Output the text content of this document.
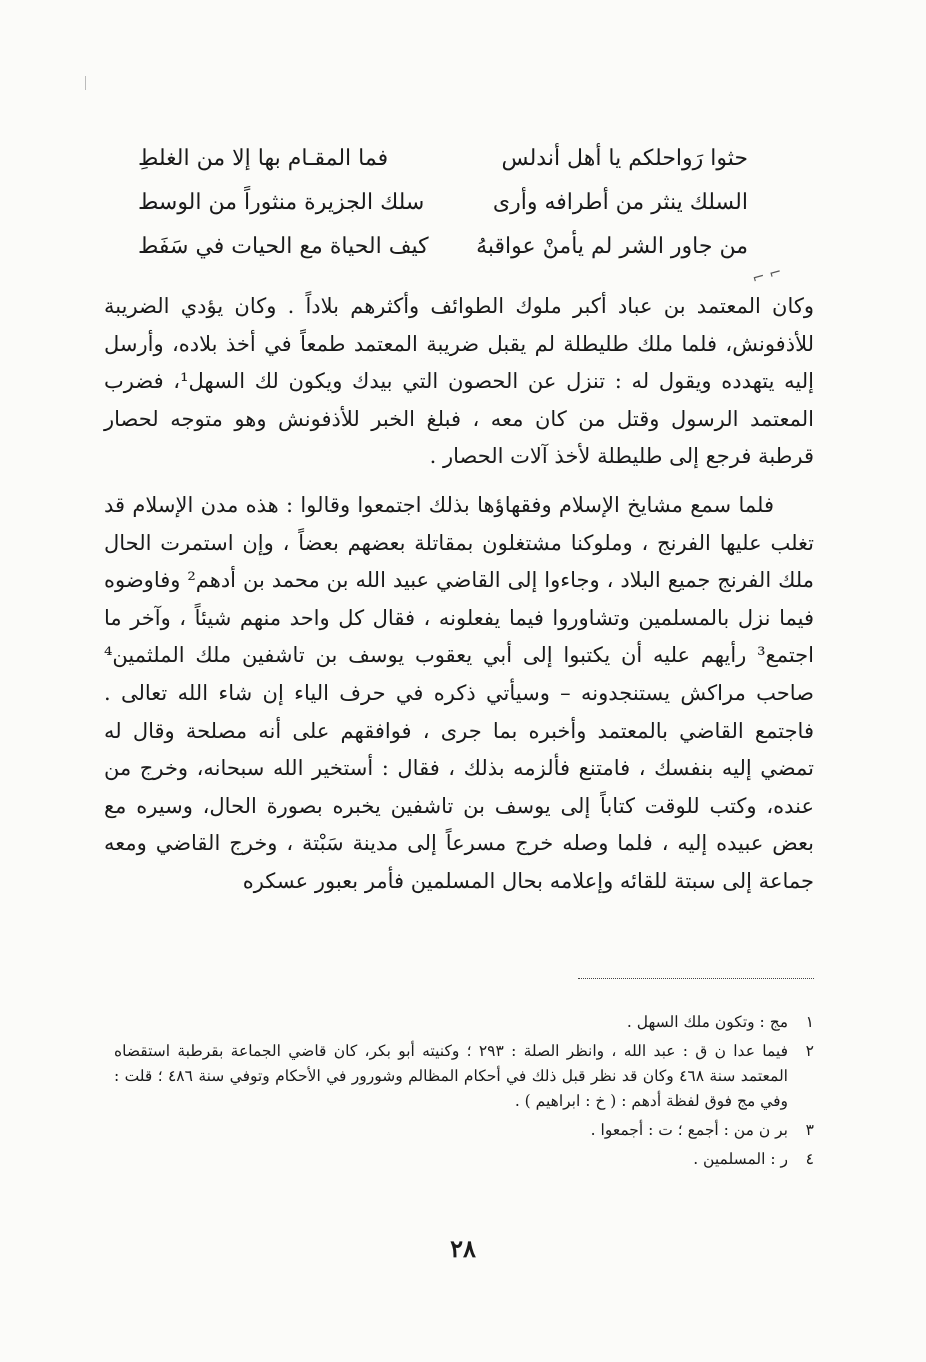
حثوا رَواحلكم يا أهل أندلس
فما المقـام بها إلا من الغلطِ
السلك ينثر من أطرافه وأرى
سلك الجزيرة منثوراً من الوسط
من جاور الشر لم يأمنْ عواقبهُ
كيف الحياة مع الحيات في سَفَط
⌐ ⌐

وكان المعتمد بن عباد أكبر ملوك الطوائف وأكثرهم بلاداً . وكان يؤدي الضريبة للأذفونش، فلما ملك طليطلة لم يقبل ضريبة المعتمد طمعاً في أخذ بلاده، وأرسل إليه يتهدده ويقول له : تنزل عن الحصون التي بيدك ويكون لك السهل¹، فضرب المعتمد الرسول وقتل من كان معه ، فبلغ الخبر للأذفونش وهو متوجه لحصار قرطبة فرجع إلى طليطلة لأخذ آلات الحصار .

فلما سمع مشايخ الإسلام وفقهاؤها بذلك اجتمعوا وقالوا : هذه مدن الإسلام قد تغلب عليها الفرنج ، وملوكنا مشتغلون بمقاتلة بعضهم بعضاً ، وإن استمرت الحال ملك الفرنج جميع البلاد ، وجاءوا إلى القاضي عبيد الله بن محمد بن أدهم² وفاوضوه فيما نزل بالمسلمين وتشاوروا فيما يفعلونه ، فقال كل واحد منهم شيئاً ، وآخر ما اجتمع³ رأيهم عليه أن يكتبوا إلى أبي يعقوب يوسف بن تاشفين ملك الملثمين⁴ صاحب مراكش يستنجدونه – وسيأتي ذكره في حرف الياء إن شاء الله تعالى . فاجتمع القاضي بالمعتمد وأخبره بما جرى ، فوافقهم على أنه مصلحة وقال له تمضي إليه بنفسك ، فامتنع فألزمه بذلك ، فقال : أستخير الله سبحانه، وخرج من عنده، وكتب للوقت كتاباً إلى يوسف بن تاشفين يخبره بصورة الحال، وسيره مع بعض عبيده إليه ، فلما وصله خرج مسرعاً إلى مدينة سَبْتة ، وخرج القاضي ومعه جماعة إلى سبتة للقائه وإعلامه بحال المسلمين فأمر بعبور عسكره

١
مج : وتكون ملك السهل .
٢
فيما عدا ن ق : عبد الله ، وانظر الصلة : ٢٩٣ ؛ وكنيته أبو بكر، كان قاضي الجماعة بقرطبة استقضاه المعتمد سنة ٤٦٨ وكان قد نظر قبل ذلك في أحكام المظالم وشورور في الأحكام وتوفي سنة ٤٨٦ ؛ قلت : وفي مج فوق لفظة أدهم : ( خ : ابراهيم ) .
٣
بر ن من : أجمع ؛ ت : أجمعوا .
٤
ر : المسلمين .
٢٨
